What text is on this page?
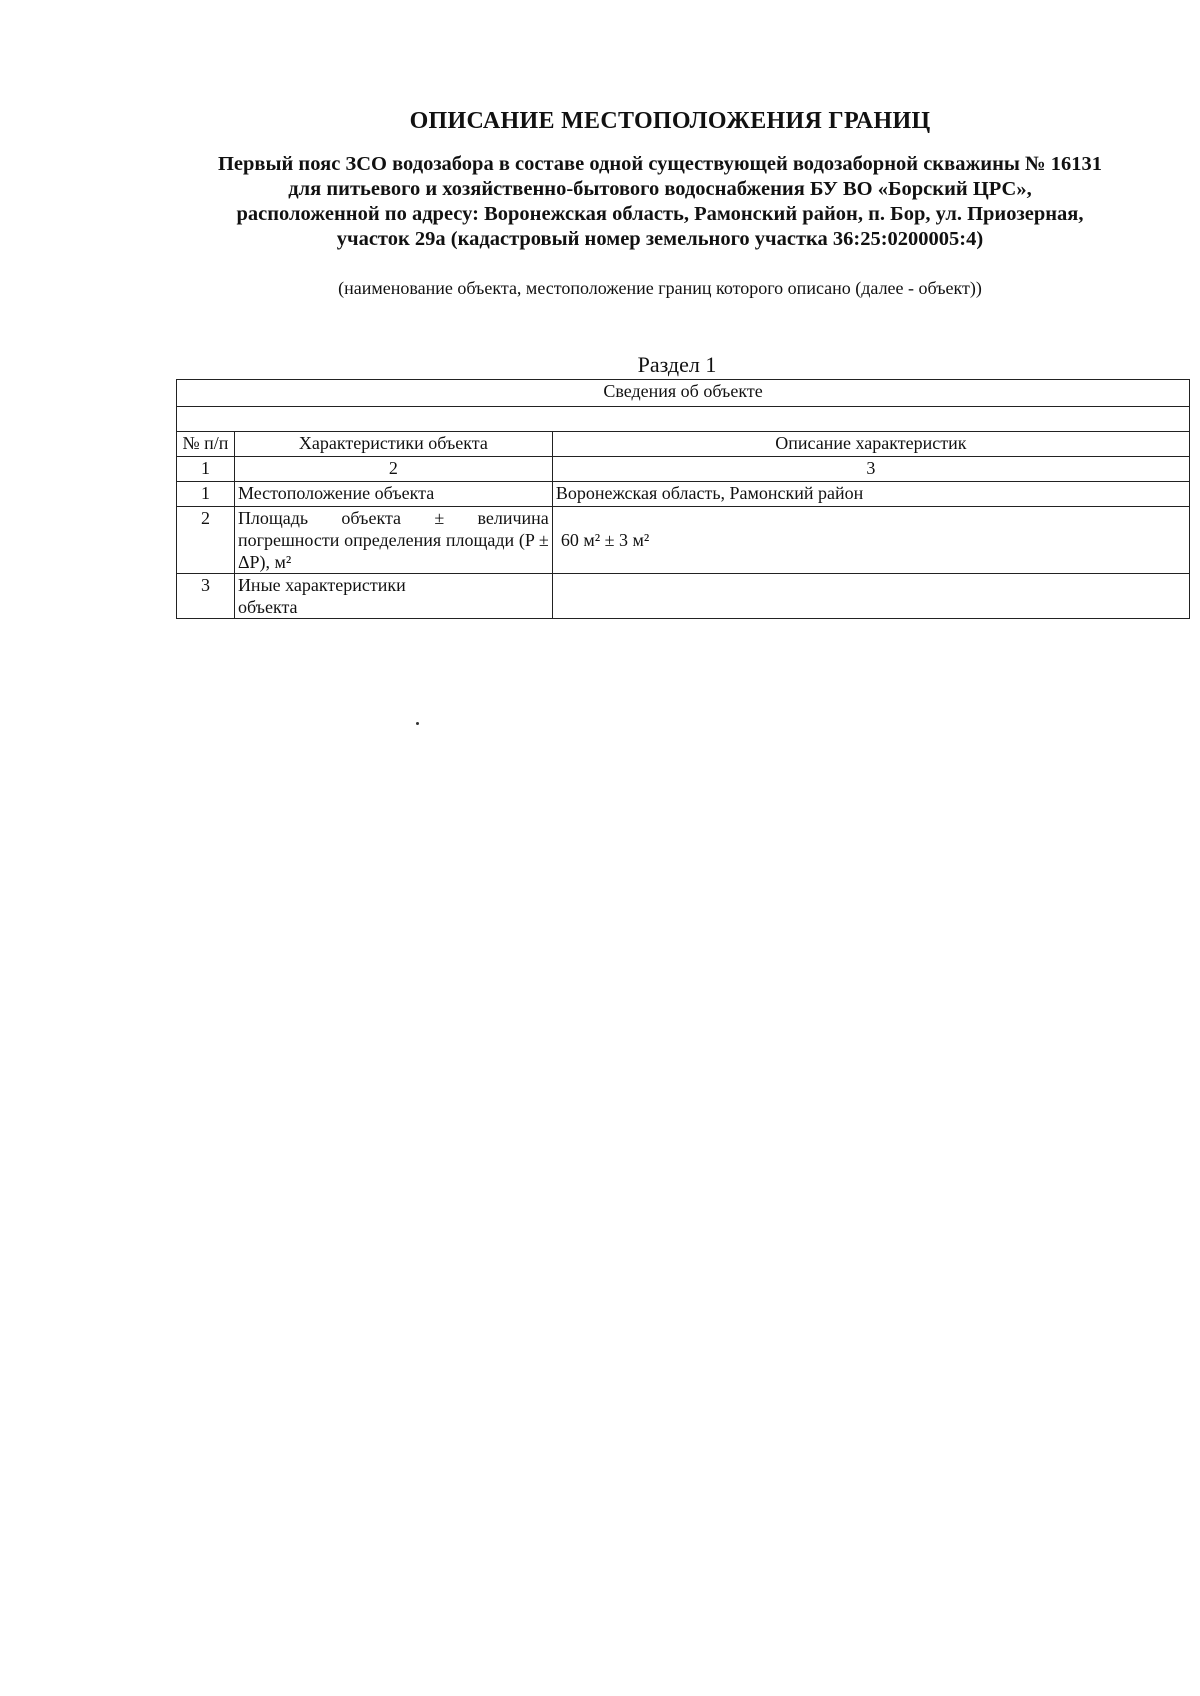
ОПИСАНИЕ МЕСТОПОЛОЖЕНИЯ ГРАНИЦ
Первый пояс ЗСО водозабора в составе одной существующей водозаборной скважины № 16131
для питьевого и хозяйственно-бытового водоснабжения БУ ВО «Борский ЦРС»,
расположенной по адресу: Воронежская область, Рамонский район, п. Бор, ул. Приозерная,
участок 29а (кадастровый номер земельного участка 36:25:0200005:4)
(наименование объекта, местоположение границ которого описано (далее - объект))
Раздел 1
Сведения об объекте		

№ п/п	Характеристики объекта	Описание характеристик
1	2	3
1	Местоположение объекта	Воронежская область, Рамонский район
2	Площадь объекта ± величина погрешности определения площади (P ± ΔP), м²	60 м² ± 3 м²
3	Иные характеристики объекта	
